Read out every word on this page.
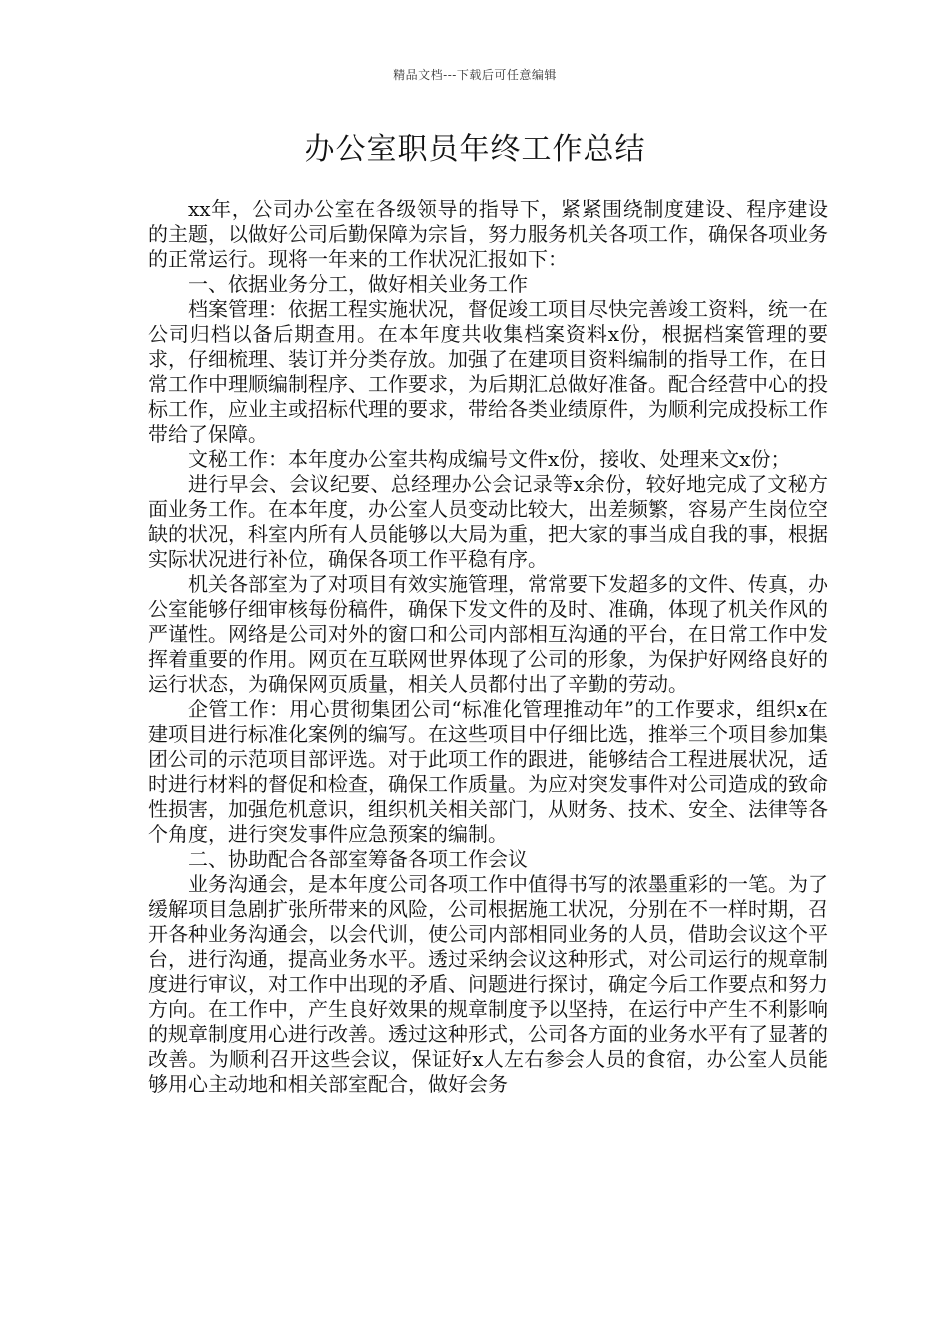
精品文档---下载后可任意编辑
办公室职员年终工作总结

xx年，公司办公室在各级领导的指导下，紧紧围绕制度建设、程序建设的主题，以做好公司后勤保障为宗旨，努力服务机关各项工作，确保各项业务的正常运行。现将一年来的工作状况汇报如下：

一、依据业务分工，做好相关业务工作

档案管理：依据工程实施状况，督促竣工项目尽快完善竣工资料，统一在公司归档以备后期查用。在本年度共收集档案资料x份，根据档案管理的要求，仔细梳理、装订并分类存放。加强了在建项目资料编制的指导工作，在日常工作中理顺编制程序、工作要求，为后期汇总做好准备。配合经营中心的投标工作，应业主或招标代理的要求，带给各类业绩原件，为顺利完成投标工作带给了保障。

文秘工作：本年度办公室共构成编号文件x份，接收、处理来文x份；

进行早会、会议纪要、总经理办公会记录等x余份，较好地完成了文秘方面业务工作。在本年度，办公室人员变动比较大，出差频繁，容易产生岗位空缺的状况，科室内所有人员能够以大局为重，把大家的事当成自我的事，根据实际状况进行补位，确保各项工作平稳有序。

机关各部室为了对项目有效实施管理，常常要下发超多的文件、传真，办公室能够仔细审核每份稿件，确保下发文件的及时、准确，体现了机关作风的严谨性。网络是公司对外的窗口和公司内部相互沟通的平台，在日常工作中发挥着重要的作用。网页在互联网世界体现了公司的形象，为保护好网络良好的运行状态，为确保网页质量，相关人员都付出了辛勤的劳动。

企管工作：用心贯彻集团公司“标准化管理推动年”的工作要求，组织x在建项目进行标准化案例的编写。在这些项目中仔细比选，推举三个项目参加集团公司的示范项目部评选。对于此项工作的跟进，能够结合工程进展状况，适时进行材料的督促和检查，确保工作质量。为应对突发事件对公司造成的致命性损害，加强危机意识，组织机关相关部门，从财务、技术、安全、法律等各个角度，进行突发事件应急预案的编制。

二、协助配合各部室筹备各项工作会议

业务沟通会，是本年度公司各项工作中值得书写的浓墨重彩的一笔。为了缓解项目急剧扩张所带来的风险，公司根据施工状况，分别在不一样时期，召开各种业务沟通会，以会代训，使公司内部相同业务的人员，借助会议这个平台，进行沟通，提高业务水平。透过采纳会议这种形式，对公司运行的规章制度进行审议，对工作中出现的矛盾、问题进行探讨，确定今后工作要点和努力方向。在工作中，产生良好效果的规章制度予以坚持，在运行中产生不利影响的规章制度用心进行改善。透过这种形式，公司各方面的业务水平有了显著的改善。为顺利召开这些会议，保证好x人左右参会人员的食宿，办公室人员能够用心主动地和相关部室配合，做好会务
